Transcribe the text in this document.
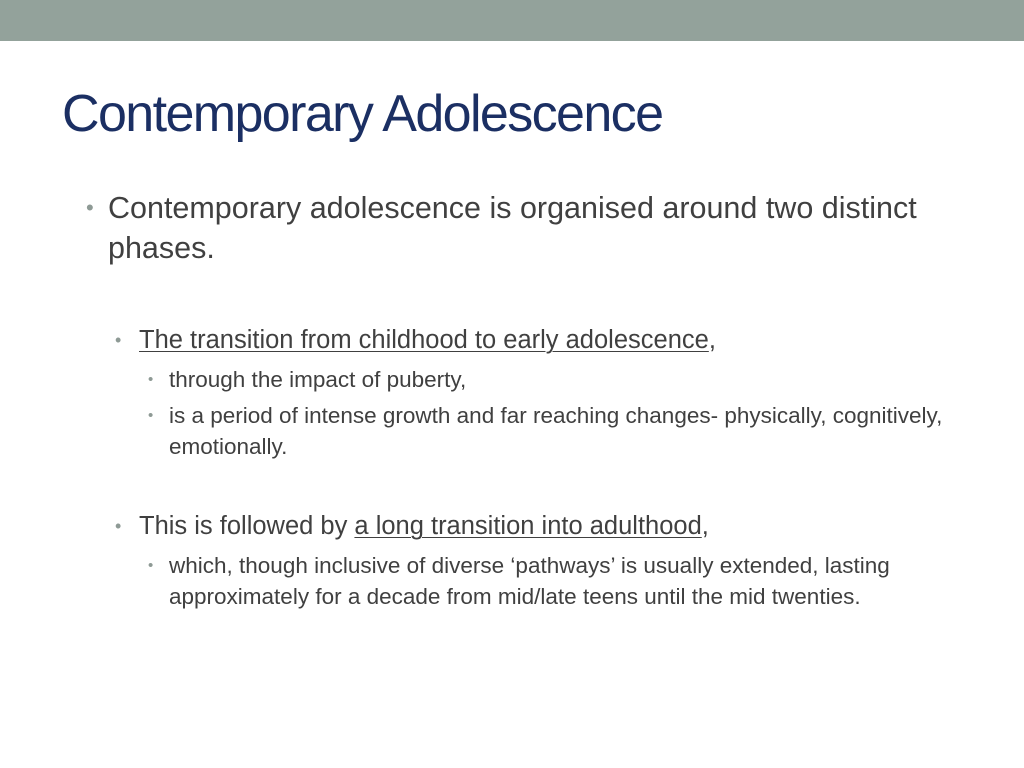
Contemporary Adolescence
• Contemporary adolescence is organised around two distinct phases.
• The transition from childhood to early adolescence,
• through the impact of puberty,
• is a period of intense growth and far reaching changes- physically, cognitively, emotionally.
• This is followed by a long transition into adulthood,
• which, though inclusive of diverse ‘pathways’ is usually extended, lasting approximately for a decade from mid/late teens until the mid twenties.
